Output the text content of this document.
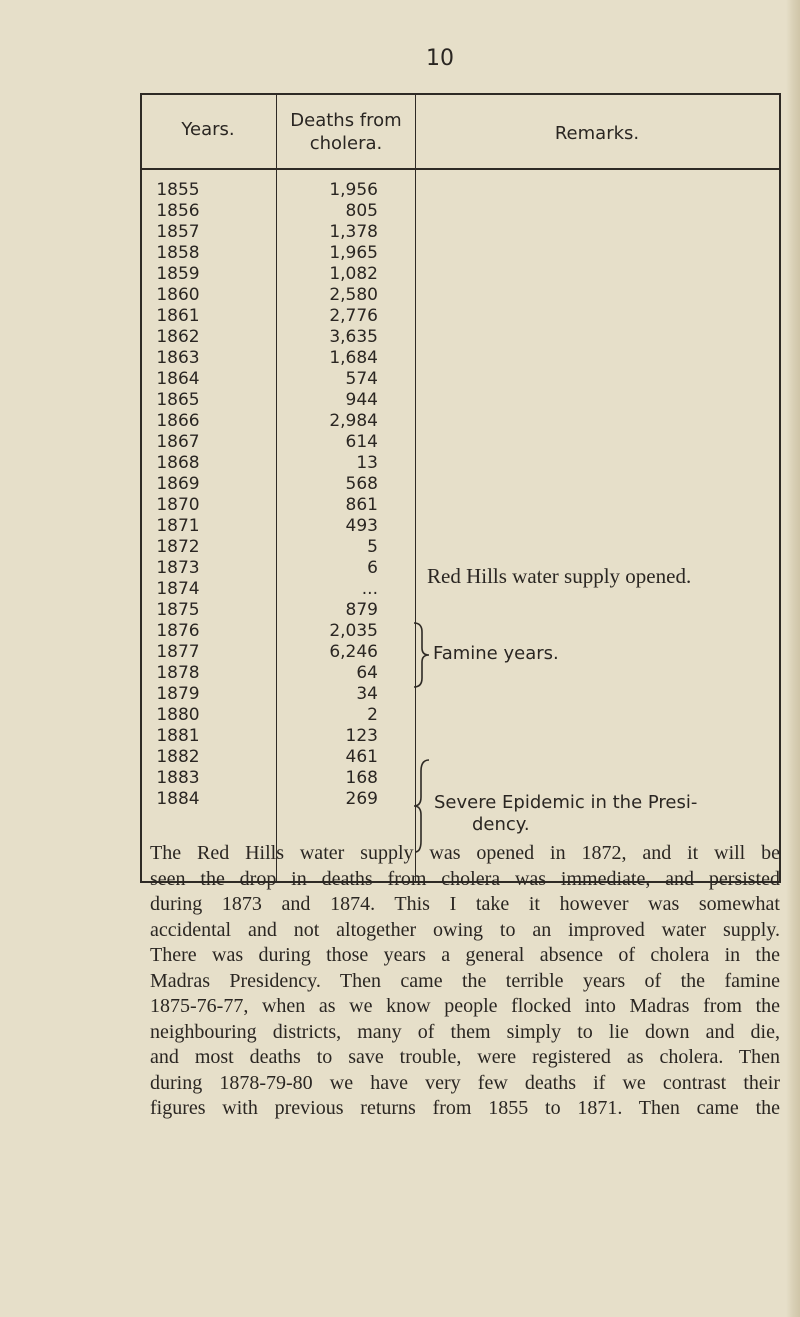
10
Years.	Deaths from
cholera.	Remarks.
1855
1856
1857
1858
1859
1860
1861
1862
1863
1864
1865
1866
1867
1868
1869
1870
1871
1872
1873
1874
1875
1876
1877
1878
1879
1880
1881
1882
1883
1884
1,956
805
1,378
1,965
1,082
2,580
2,776
3,635
1,684
574
944
2,984
614
13
568
861
493
5
6
...
879
2,035
6,246
64
34
2
123
461
168
269
Red Hills water supply opened.
Famine years.
Severe Epidemic in the Presi-
dency.
The Red Hills water supply was opened in 1872, and it will be
seen the drop in deaths from cholera was immediate, and persisted
during 1873 and 1874. This I take it however was somewhat
accidental and not altogether owing to an improved water supply.
There was during those years a general absence of cholera in the
Madras Presidency. Then came the terrible years of the famine
1875-76-77, when as we know people flocked into Madras from the
neighbouring districts, many of them simply to lie down and die,
and most deaths to save trouble, were registered as cholera. Then
during 1878-79-80 we have very few deaths if we contrast their
figures with previous returns from 1855 to 1871. Then came the
